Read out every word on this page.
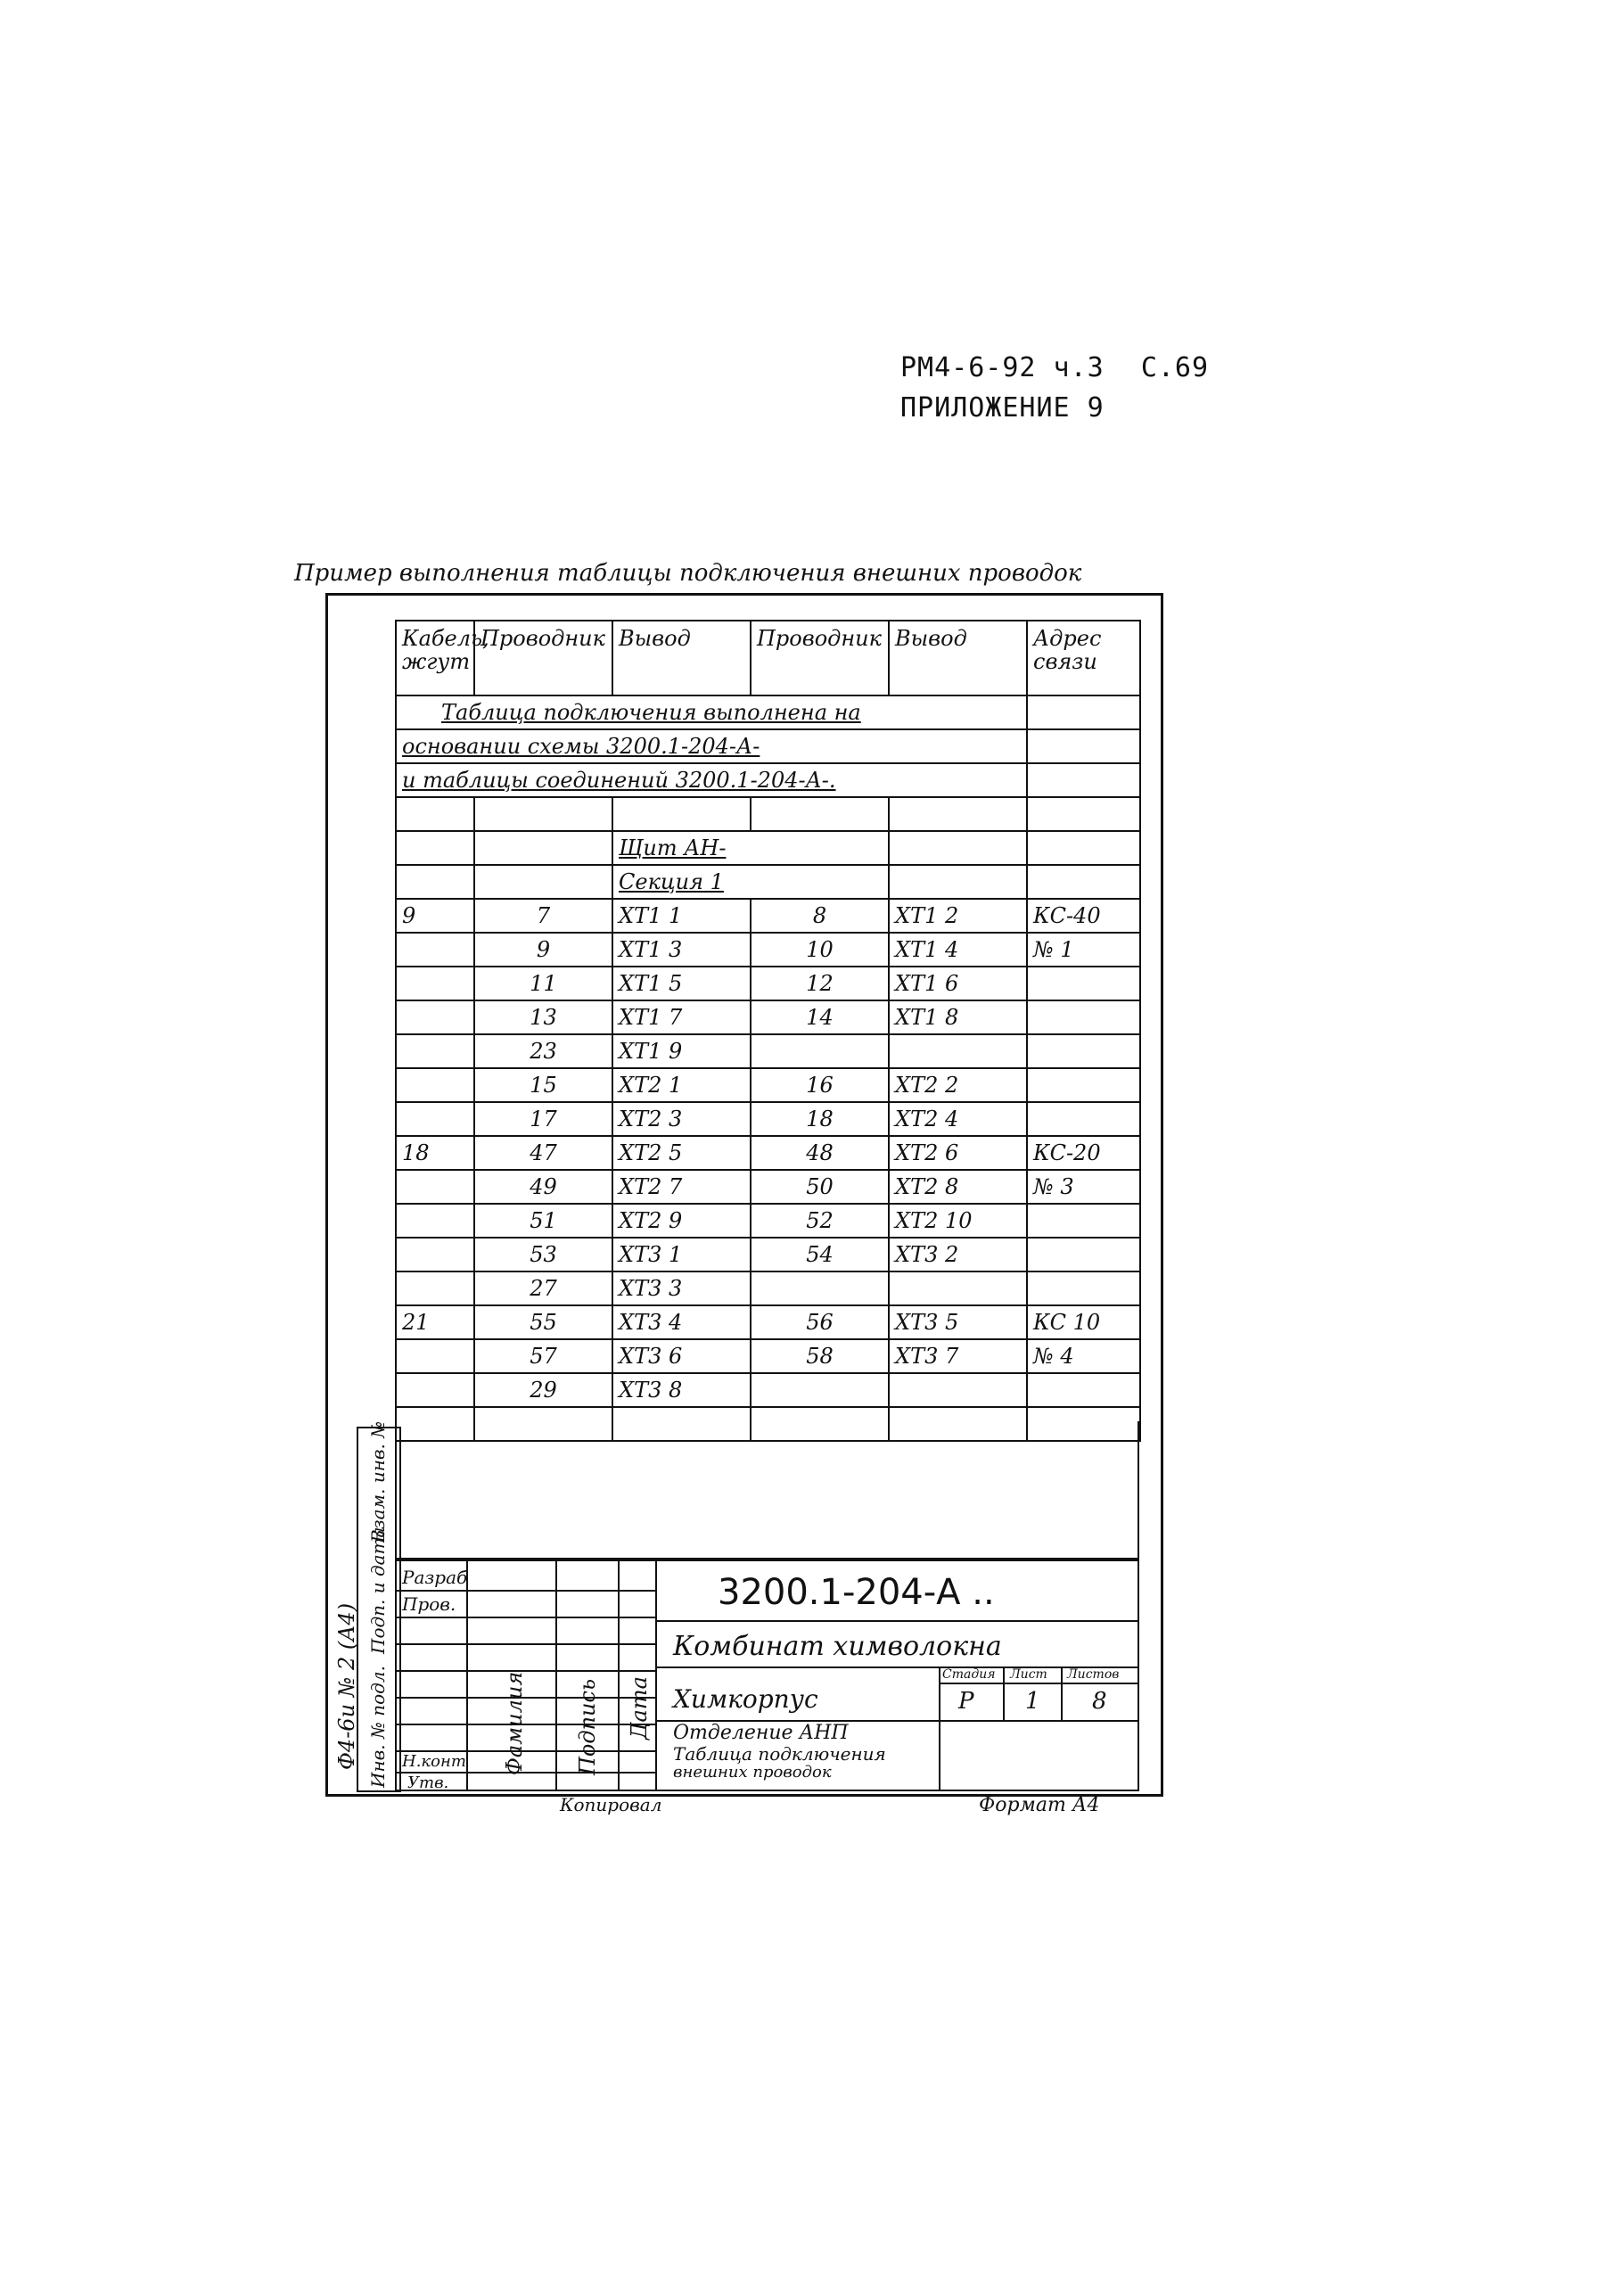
РМ4-6-92 ч.3 С.69
ПРИЛОЖЕНИЕ 9
Пример выполнения таблицы подключения внешних проводок
Ф4-6и № 2 (А4) Инв. № подл.
Подп. и дата
Взам. инв. №
Кабель, жгут	Проводник	Вывод	Проводник	Вывод	Адрес связи
Таблица подключения выполнена на					
основании схемы 3200.1-204-А-					
и таблицы соединений 3200.1-204-А-.					

		Щит АН-			
		Секция 1			
9	7	ХТ1 1	8	ХТ1 2	КС-40
	9	ХТ1 3	10	ХТ1 4	№ 1
	11	ХТ1 5	12	ХТ1 6	
	13	ХТ1 7	14	ХТ1 8	
	23	ХТ1 9			
	15	ХТ2 1	16	ХТ2 2	
	17	ХТ2 3	18	ХТ2 4	
18	47	ХТ2 5	48	ХТ2 6	КС-20
	49	ХТ2 7	50	ХТ2 8	№ 3
	51	ХТ2 9	52	ХТ2 10	
	53	ХТ3 1	54	ХТ3 2	
	27	ХТ3 3			
21	55	ХТ3 4	56	ХТ3 5	КС 10
	57	ХТ3 6	58	ХТ3 7	№ 4
	29	ХТ3 8			

Разраб
Пров.
Н.конт
Утв.
Фамилия Подпись Дата
3200.1-204-А ..
Комбинат химволокна
Химкорпус
Отделение АНП
Таблица подключения
внешних проводок
Стадия Лист Листов
Р 1 8
Копировал	Формат А4
